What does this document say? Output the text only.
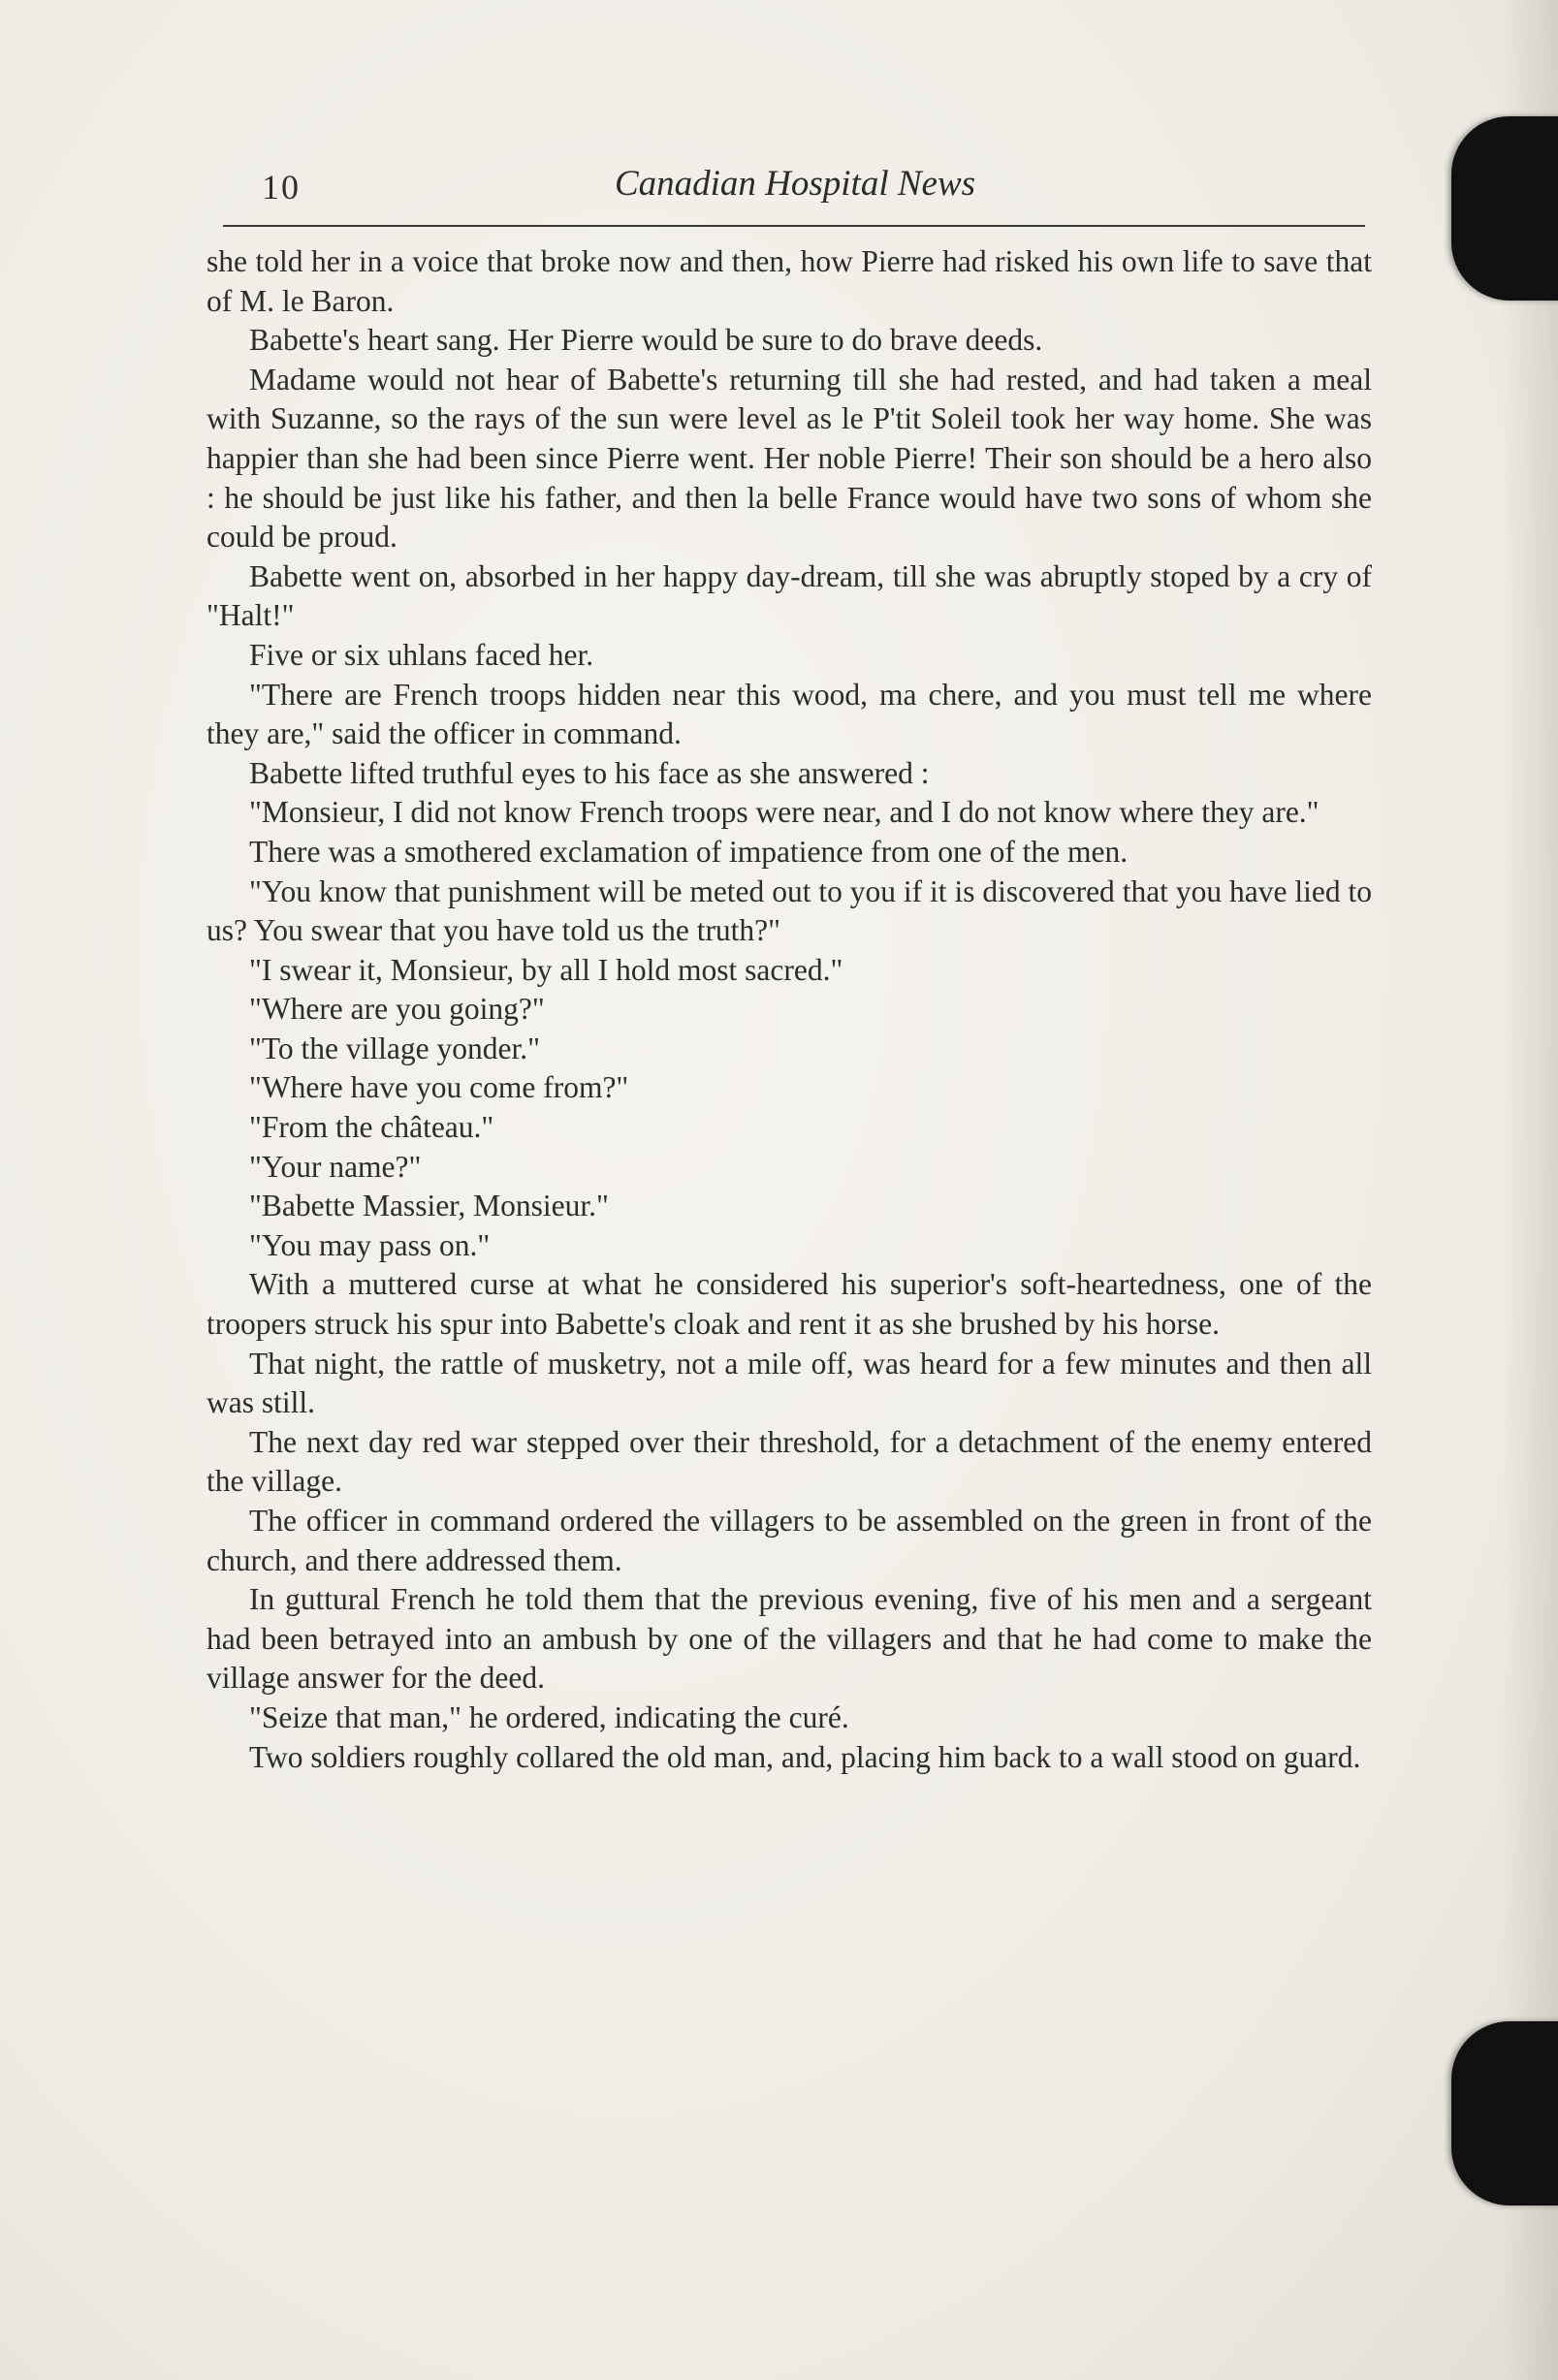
10	Canadian Hospital News

she told her in a voice that broke now and then, how Pierre had risked his own life to save that of M. le Baron.

Babette's heart sang. Her Pierre would be sure to do brave deeds.

Madame would not hear of Babette's returning till she had rested, and had taken a meal with Suzanne, so the rays of the sun were level as le P'tit Soleil took her way home. She was happier than she had been since Pierre went. Her noble Pierre! Their son should be a hero also : he should be just like his father, and then la belle France would have two sons of whom she could be proud.

Babette went on, absorbed in her happy day-dream, till she was abruptly stoped by a cry of "Halt!"

Five or six uhlans faced her.

"There are French troops hidden near this wood, ma chere, and you must tell me where they are," said the officer in command.

Babette lifted truthful eyes to his face as she answered :

"Monsieur, I did not know French troops were near, and I do not know where they are."

There was a smothered exclamation of impatience from one of the men.

"You know that punishment will be meted out to you if it is discovered that you have lied to us? You swear that you have told us the truth?"

"I swear it, Monsieur, by all I hold most sacred."

"Where are you going?"

"To the village yonder."

"Where have you come from?"

"From the château."

"Your name?"

"Babette Massier, Monsieur."

"You may pass on."

With a muttered curse at what he considered his superior's soft-heartedness, one of the troopers struck his spur into Babette's cloak and rent it as she brushed by his horse.

That night, the rattle of musketry, not a mile off, was heard for a few minutes and then all was still.

The next day red war stepped over their threshold, for a detachment of the enemy entered the village.

The officer in command ordered the villagers to be assembled on the green in front of the church, and there addressed them.

In guttural French he told them that the previous evening, five of his men and a sergeant had been betrayed into an ambush by one of the villagers and that he had come to make the village answer for the deed.

"Seize that man," he ordered, indicating the curé.

Two soldiers roughly collared the old man, and, placing him back to a wall stood on guard.
